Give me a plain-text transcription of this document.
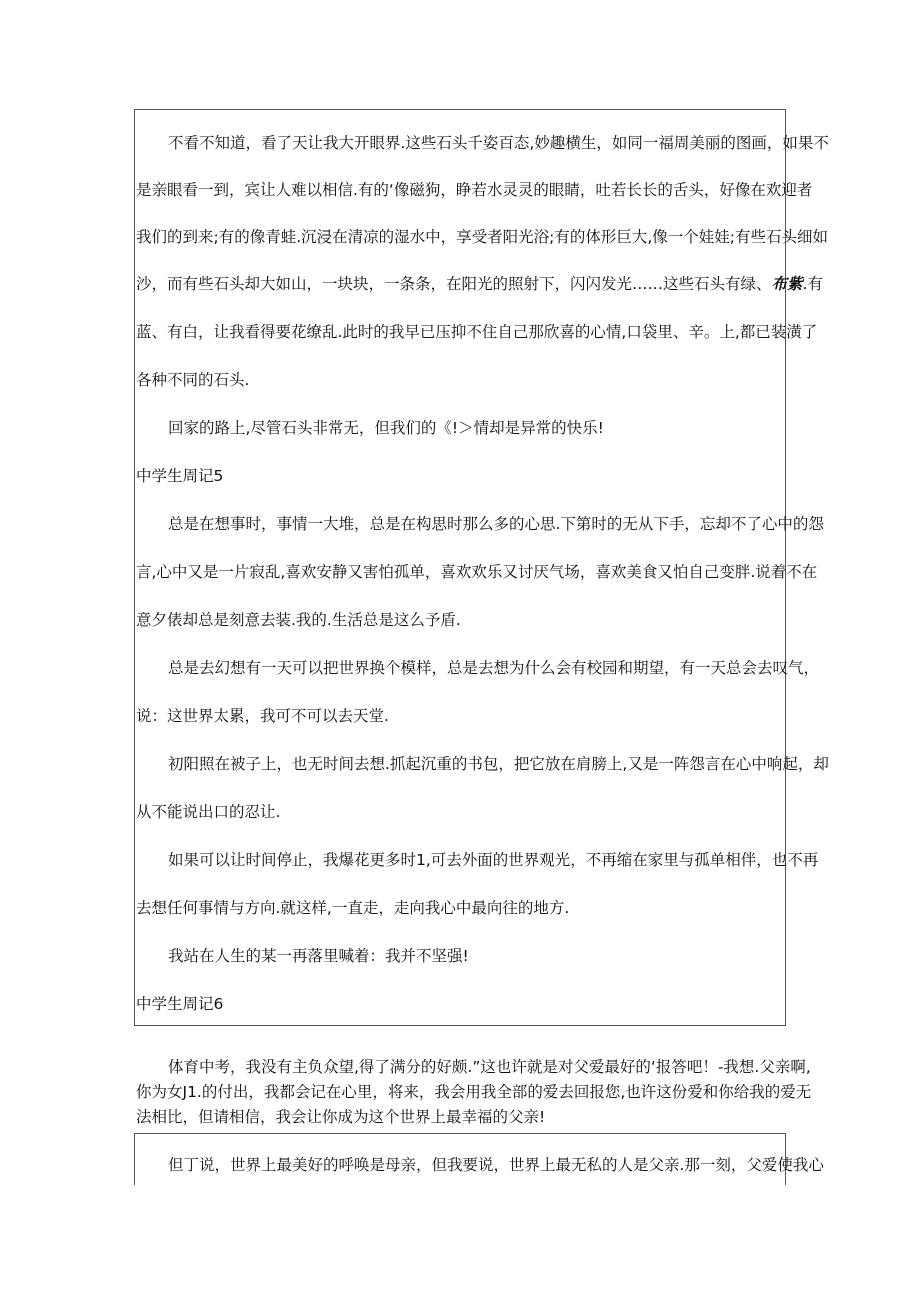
不看不知道，看了天让我大开眼界.这些石头千姿百态,妙趣横生，如同一福周美丽的图画，如果不
是亲眼看一到，宾让人难以相信.有的‘像磁狗，睁若水灵灵的眼睛，吐若长长的舌头，好像在欢迎者
我们的到来;有的像青蛙.沉浸在清凉的湿水中，享受者阳光浴;有的体形巨大,像一个娃娃;有些石头细如
沙，而有些石头却大如山，一块块，一条条，在阳光的照射下，闪闪发光……这些石头有绿、布紫.有
蓝、有白，让我看得要花缭乱.此时的我早已压抑不住自己那欣喜的心情,口袋里、辛。上,都已装潢了
各种不同的石头.
回家的路上,尽管石头非常无，但我们的《!＞情却是异常的快乐!
中学生周记5
总是在想事时，事情一大堆，总是在构思时那么多的心思.下第时的无从下手，忘却不了心中的怨
言,心中又是一片寂乱,喜欢安静又害怕孤单，喜欢欢乐又讨厌气场，喜欢美食又怕自己变胖.说着不在
意夕俵却总是刻意去装.我的.生活总是这么予盾.
总是去幻想有一天可以把世界换个模样，总是去想为什么会有校园和期望，有一天总会去叹气，
说：这世界太累，我可不可以去天堂.
初阳照在被子上，也无时间去想.抓起沉重的书包，把它放在肩膀上,又是一阵怨言在心中响起，却
从不能说出口的忍让.
如果可以让时间停止，我爆花更多时1,可去外面的世界观光，不再缩在家里与孤单相伴，也不再
去想任何事情与方向.就这样,一直走，走向我心中最向往的地方.
我站在人生的某一再落里喊着：我并不坚强!
中学生周记6
体育中考，我没有主负众望,得了满分的好颇.”这也许就是对父爱最好的‘报答吧！-我想.父亲啊,
你为女J1.的付出，我都会记在心里，将来，我会用我全部的爱去回报您,也许这份爱和你给我的爱无
法相比，但请相信，我会让你成为这个世界上最幸福的父亲!
但丁说，世界上最美好的呼唤是母亲，但我要说，世界上最无私的人是父亲.那一刻，父爱使我心
